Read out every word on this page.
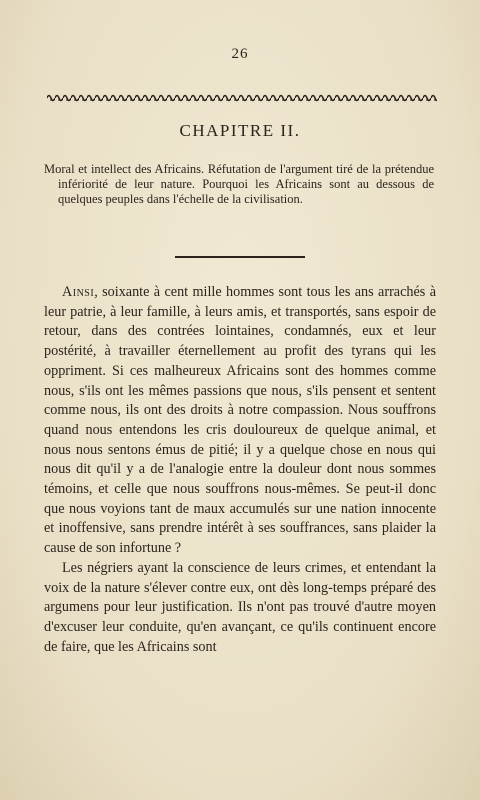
26
CHAPITRE II.
Moral et intellect des Africains. Réfutation de l'argument tiré de la prétendue infériorité de leur nature. Pourquoi les Africains sont au dessous de quelques peuples dans l'échelle de la civilisation.

Ainsi, soixante à cent mille hommes sont tous les ans arrachés à leur patrie, à leur famille, à leurs amis, et transportés, sans espoir de retour, dans des contrées lointaines, condamnés, eux et leur postérité, à travailler éternellement au profit des tyrans qui les oppriment. Si ces malheureux Africains sont des hommes comme nous, s'ils ont les mêmes passions que nous, s'ils pensent et sentent comme nous, ils ont des droits à notre compassion. Nous souffrons quand nous entendons les cris douloureux de quelque animal, et nous nous sentons émus de pitié; il y a quelque chose en nous qui nous dit qu'il y a de l'analogie entre la douleur dont nous sommes témoins, et celle que nous souffrons nous-mêmes. Se peut-il donc que nous voyions tant de maux accumulés sur une nation innocente et inoffensive, sans prendre intérêt à ses souffrances, sans plaider la cause de son infortune ?

Les négriers ayant la conscience de leurs crimes, et entendant la voix de la nature s'élever contre eux, ont dès long-temps préparé des argumens pour leur justification. Ils n'ont pas trouvé d'autre moyen d'excuser leur conduite, qu'en avançant, ce qu'ils continuent encore de faire, que les Africains sont
